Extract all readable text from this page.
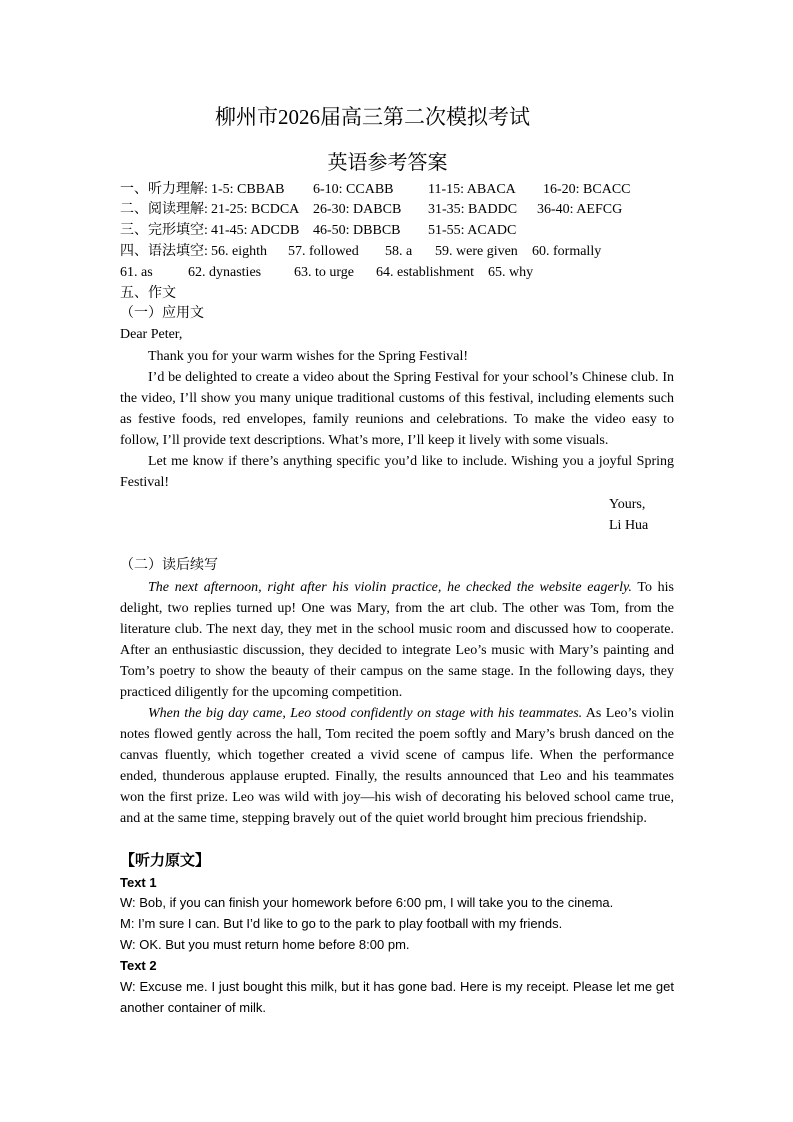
柳州市2026届高三第二次模拟考试
英语参考答案
一、听力理解: 1-5: CBBAB 6-10: CCABB 11-15: ABACA 16-20: BCACC
二、阅读理解: 21-25: BCDCA 26-30: DABCB 31-35: BADDC 36-40: AEFCG
三、完形填空: 41-45: ADCDB 46-50: DBBCB 51-55: ACADC
四、语法填空: 56. eighth 57. followed 58. a 59. were given 60. formally
61. as	62. dynasties 63. to urge 64. establishment 65. why
五、作文
（一）应用文
Dear Peter,

Thank you for your warm wishes for the Spring Festival!

I’d be delighted to create a video about the Spring Festival for your school’s Chinese club. In the video, I’ll show you many unique traditional customs of this festival, including elements such as festive foods, red envelopes, family reunions and celebrations. To make the video easy to follow, I’ll provide text descriptions. What’s more, I’ll keep it lively with some visuals.

Let me know if there’s anything specific you’d like to include. Wishing you a joyful Spring Festival!

Yours,
Li Hua
（二）读后续写

The next afternoon, right after his violin practice, he checked the website eagerly. To his delight, two replies turned up! One was Mary, from the art club. The other was Tom, from the literature club. The next day, they met in the school music room and discussed how to cooperate. After an enthusiastic discussion, they decided to integrate Leo’s music with Mary’s painting and Tom’s poetry to show the beauty of their campus on the same stage. In the following days, they practiced diligently for the upcoming competition.

When the big day came, Leo stood confidently on stage with his teammates. As Leo’s violin notes flowed gently across the hall, Tom recited the poem softly and Mary’s brush danced on the canvas fluently, which together created a vivid scene of campus life. When the performance ended, thunderous applause erupted. Finally, the results announced that Leo and his teammates won the first prize. Leo was wild with joy—his wish of decorating his beloved school came true, and at the same time, stepping bravely out of the quiet world brought him precious friendship.

【听力原文】
Text 1
W: Bob, if you can finish your homework before 6:00 pm, I will take you to the cinema.
M: I’m sure I can. But I’d like to go to the park to play football with my friends.
W: OK. But you must return home before 8:00 pm.
Text 2
W: Excuse me. I just bought this milk, but it has gone bad. Here is my receipt. Please let me get another container of milk.
